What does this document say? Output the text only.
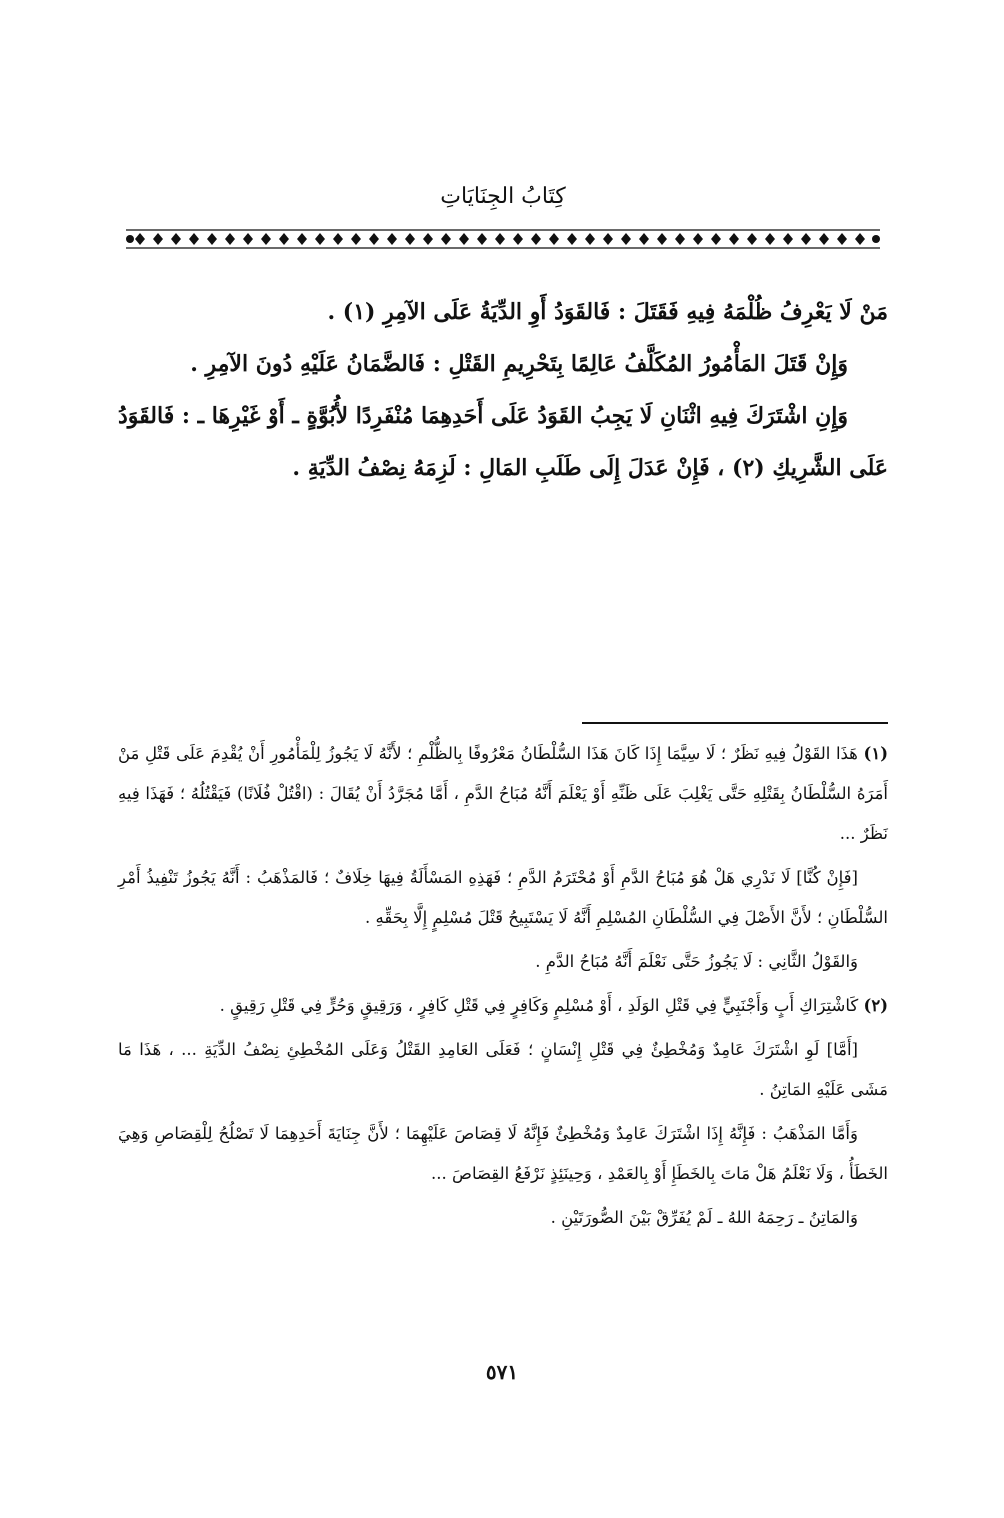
كِتَابُ الجِنَايَاتِ

مَنْ لَا يَعْرِفُ ظُلْمَهُ فِيهِ فَقَتَلَ : فَالقَوَدُ أَوِ الدِّيَةُ عَلَى الآمِرِ (١) .

وَإِنْ قَتَلَ المَأْمُورُ المُكَلَّفُ عَالِمًا بِتَحْرِيمِ القَتْلِ : فَالضَّمَانُ عَلَيْهِ دُونَ الآمِرِ .

وَإِنِ اشْتَرَكَ فِيهِ اثْنَانِ لَا يَجِبُ القَوَدُ عَلَى أَحَدِهِمَا مُنْفَرِدًا لأُبُوَّةٍ ـ أَوْ غَيْرِهَا ـ : فَالقَوَدُ عَلَى الشَّرِيكِ (٢) ، فَإِنْ عَدَلَ إِلَى طَلَبِ المَالِ : لَزِمَهُ نِصْفُ الدِّيَةِ .

(١) هَذَا القَوْلُ فِيهِ نَظَرٌ ؛ لَا سِيَّمَا إِذَا كَانَ هَذَا السُّلْطَانُ مَعْرُوفًا بِالظُّلْمِ ؛ لأَنَّهُ لَا يَجُوزُ لِلْمَأْمُورِ أَنْ يُقْدِمَ عَلَى قَتْلِ مَنْ أَمَرَهُ السُّلْطَانُ بِقَتْلِهِ حَتَّى يَغْلِبَ عَلَى ظَنِّهِ أَوْ يَعْلَمَ أَنَّهُ مُبَاحُ الدَّمِ ، أَمَّا مُجَرَّدُ أَنْ يُقَالَ : (اقْتُلْ فُلَانًا) فَيَقْتُلُهُ ؛ فَهَذَا فِيهِ نَظَرٌ ...

[فَإِنْ كُنَّا] لَا نَدْرِي هَلْ هُوَ مُبَاحُ الدَّمِ أَوْ مُحْتَرَمُ الدَّمِ ؛ فَهَذِهِ المَسْأَلَةُ فِيهَا خِلَافٌ ؛ فَالمَذْهَبُ : أَنَّهُ يَجُوزُ تَنْفِيذُ أَمْرِ السُّلْطَانِ ؛ لأَنَّ الأَصْلَ فِي السُّلْطَانِ المُسْلِمِ أَنَّهُ لَا يَسْتَبِيحُ قَتْلَ مُسْلِمٍ إِلَّا بِحَقِّهِ .

وَالقَوْلُ الثَّانِي : لَا يَجُوزُ حَتَّى نَعْلَمَ أَنَّهُ مُبَاحُ الدَّمِ .

(٢) كَاشْتِرَاكِ أَبٍ وَأَجْنَبِيٍّ فِي قَتْلِ الوَلَدِ ، أَوْ مُسْلِمٍ وَكَافِرٍ فِي قَتْلِ كَافِرٍ ، وَرَقِيقٍ وَحُرٍّ فِي قَتْلِ رَقِيقٍ .

[أَمَّا] لَوِ اشْتَرَكَ عَامِدٌ وَمُخْطِئٌ فِي قَتْلِ إِنْسَانٍ ؛ فَعَلَى العَامِدِ القَتْلُ وَعَلَى المُخْطِئِ نِصْفُ الدِّيَةِ ... ، هَذَا مَا مَشَى عَلَيْهِ المَاتِنُ .

وَأَمَّا المَذْهَبُ : فَإِنَّهُ إِذَا اشْتَرَكَ عَامِدٌ وَمُخْطِئٌ فَإِنَّهُ لَا قِصَاصَ عَلَيْهِمَا ؛ لأَنَّ جِنَايَةَ أَحَدِهِمَا لَا تَصْلُحُ لِلْقِصَاصِ وَهِيَ الخَطَأُ ، وَلَا نَعْلَمُ هَلْ مَاتَ بِالخَطَإِ أَوْ بِالعَمْدِ ، وَحِينَئِذٍ نَرْفَعُ القِصَاصَ ...

وَالمَاتِنُ ـ رَحِمَهُ اللهُ ـ لَمْ يُفَرِّقْ بَيْنَ الصُّورَتَيْنِ .

٥٧١
